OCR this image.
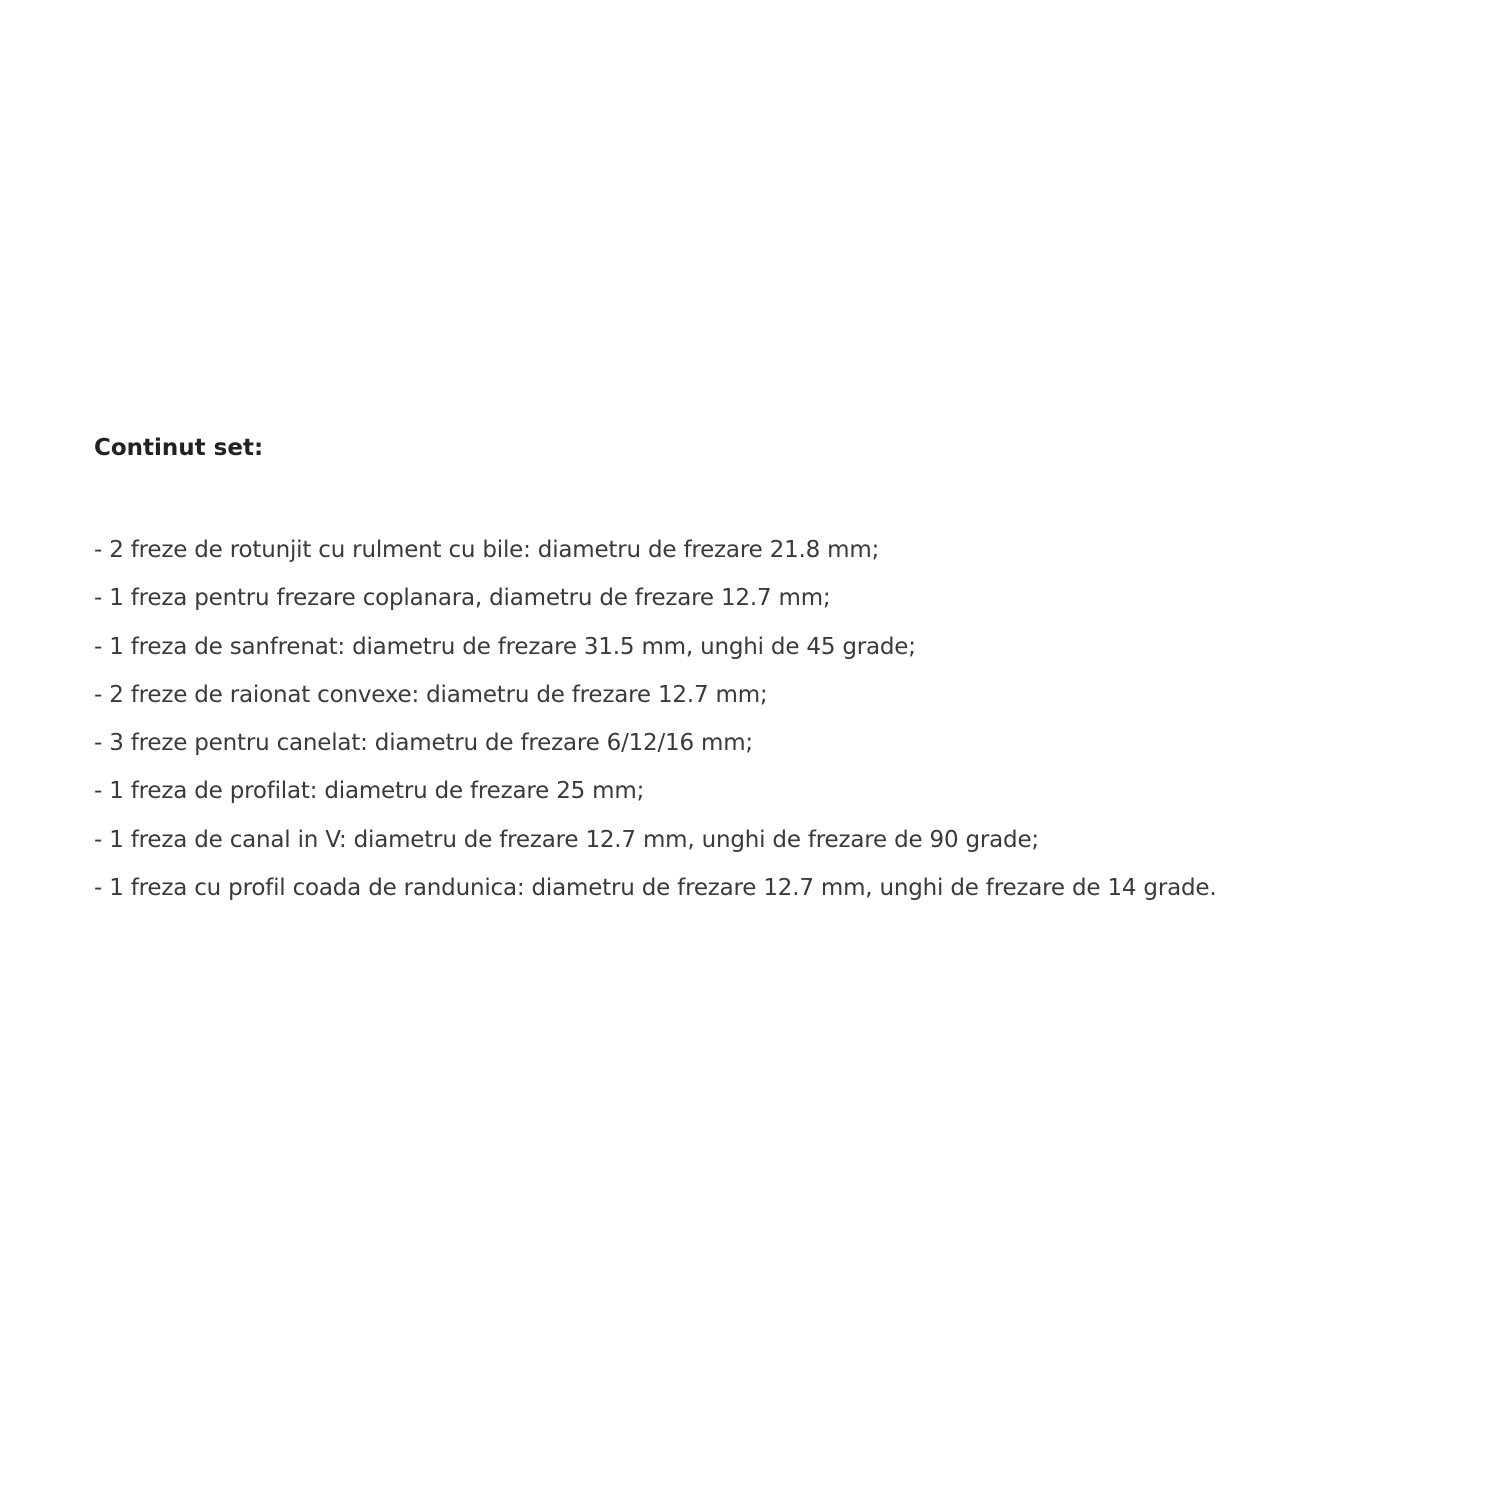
Continut set:

- 2 freze de rotunjit cu rulment cu bile: diametru de frezare 21.8 mm;
- 1 freza pentru frezare coplanara, diametru de frezare 12.7 mm;
- 1 freza de sanfrenat: diametru de frezare 31.5 mm, unghi de 45 grade;
- 2 freze de raionat convexe: diametru de frezare 12.7 mm;
- 3 freze pentru canelat: diametru de frezare 6/12/16 mm;
- 1 freza de profilat: diametru de frezare 25 mm;
- 1 freza de canal in V: diametru de frezare 12.7 mm, unghi de frezare de 90 grade;
- 1 freza cu profil coada de randunica: diametru de frezare 12.7 mm, unghi de frezare de 14 grade.
